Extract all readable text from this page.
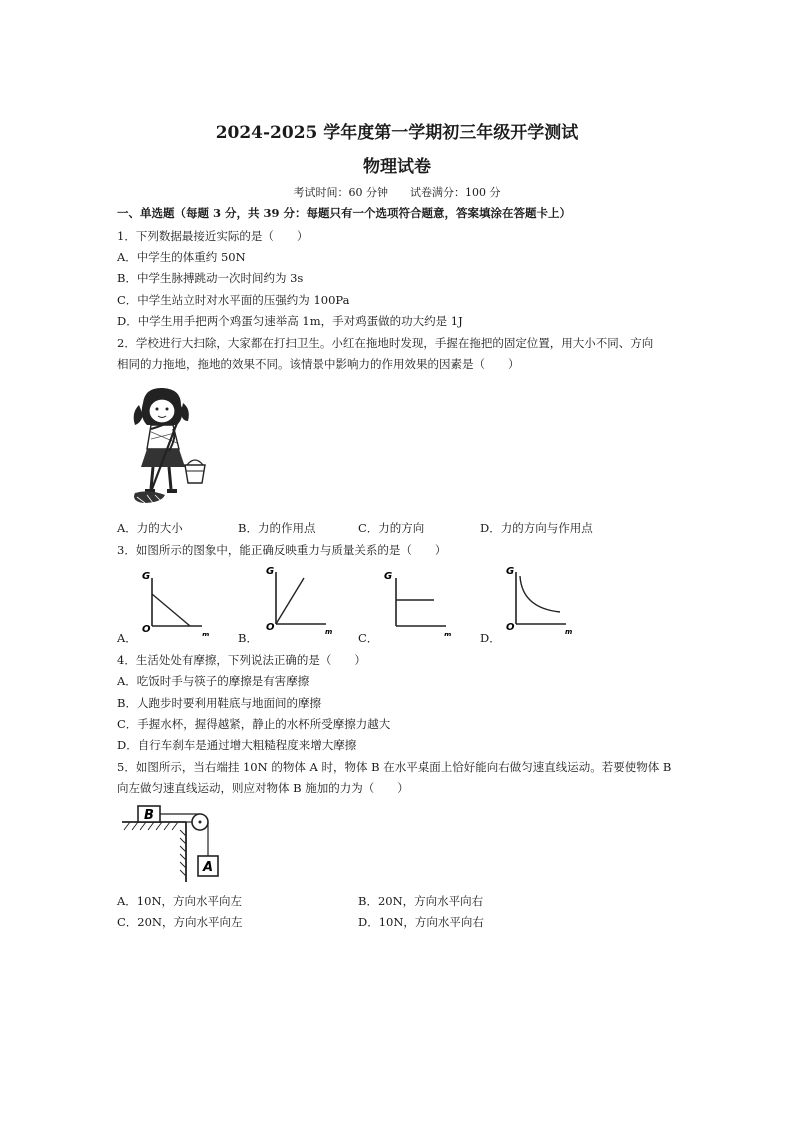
2024-2025 学年度第一学期初三年级开学测试
物理试卷
考试时间：60 分钟　　试卷满分：100 分
一、单选题（每题 3 分，共 39 分：每题只有一个选项符合题意，答案填涂在答题卡上）
1．下列数据最接近实际的是（　　）
A．中学生的体重约 50N
B．中学生脉搏跳动一次时间约为 3s
C．中学生站立时对水平面的压强约为 100Pa
D．中学生用手把两个鸡蛋匀速举高 1m，手对鸡蛋做的功大约是 1J
2．学校进行大扫除，大家都在打扫卫生。小红在拖地时发现，手握在拖把的固定位置，用大小不同、方向
相同的力拖地，拖地的效果不同。该情景中影响力的作用效果的因素是（　　）
A．力的大小	B．力的作用点	C．力的方向	D．力的方向与作用点
3．如图所示的图象中，能正确反映重力与质量关系的是（　　）
G
O	m
A．
G
O	m
B．
G
m
C．
G
O	m
D．
4．生活处处有摩擦，下列说法正确的是（　　）
A．吃饭时手与筷子的摩擦是有害摩擦
B．人跑步时要利用鞋底与地面间的摩擦
C．手握水杯，握得越紧，静止的水杯所受摩擦力越大
D．自行车刹车是通过增大粗糙程度来增大摩擦
5．如图所示，当右端挂 10N 的物体 A 时，物体 B 在水平桌面上恰好能向右做匀速直线运动。若要使物体 B
向左做匀速直线运动，则应对物体 B 施加的力为（　　）
B
A
A．10N，方向水平向左	B．20N，方向水平向右
C．20N，方向水平向左	D．10N，方向水平向右
